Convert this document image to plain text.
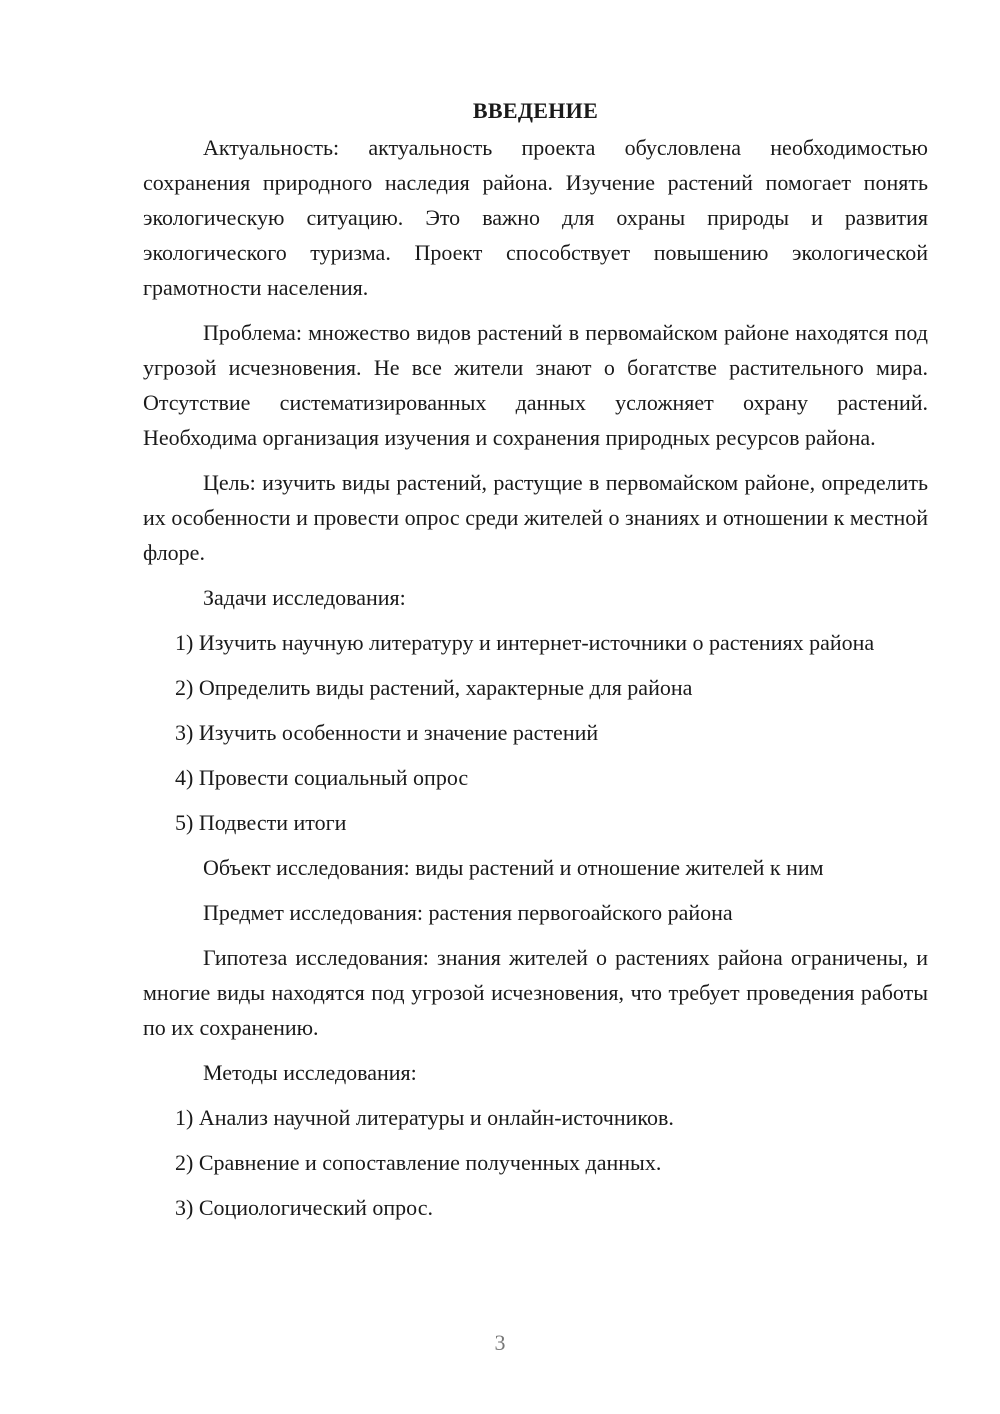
ВВЕДЕНИЕ

Актуальность: актуальность проекта обусловлена необходимостью сохранения природного наследия района. Изучение растений помогает понять экологическую ситуацию. Это важно для охраны природы и развития экологического туризма. Проект способствует повышению экологической грамотности населения.

Проблема: множество видов растений в первомайском районе находятся под угрозой исчезновения. Не все жители знают о богатстве растительного мира. Отсутствие систематизированных данных усложняет охрану растений. Необходима организация изучения и сохранения природных ресурсов района.

Цель: изучить виды растений, растущие в первомайском районе, определить их особенности и провести опрос среди жителей о знаниях и отношении к местной флоре.

Задачи исследования:

1) Изучить научную литературу и интернет-источники о растениях района

2) Определить виды растений, характерные для района
3) Изучить особенности и значение растений
4) Провести социальный опрос
5) Подвести итоги
Объект исследования: виды растений и отношение жителей к ним
Предмет исследования: растения первогоайского района

Гипотеза исследования: знания жителей о растениях района ограничены, и многие виды находятся под угрозой исчезновения, что требует проведения работы по их сохранению.

Методы исследования:
1) Анализ научной литературы и онлайн-источников.
2) Сравнение и сопоставление полученных данных.
3) Социологический опрос.
3
